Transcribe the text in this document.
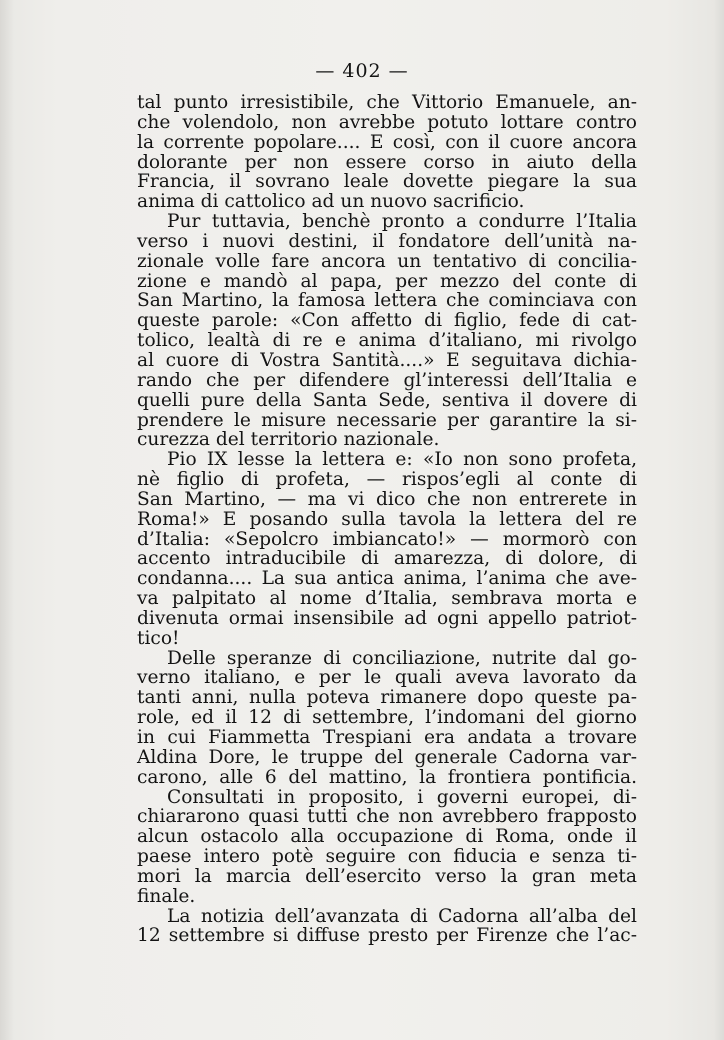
— 402 —
tal punto irresistibile, che Vittorio Emanuele, an-
che volendolo, non avrebbe potuto lottare contro
la corrente popolare.... E così, con il cuore ancora
dolorante per non essere corso in aiuto della
Francia, il sovrano leale dovette piegare la sua
anima di cattolico ad un nuovo sacrificio.
Pur tuttavia, benchè pronto a condurre l’Italia
verso i nuovi destini, il fondatore dell’unità na-
zionale volle fare ancora un tentativo di concilia-
zione e mandò al papa, per mezzo del conte di
San Martino, la famosa lettera che cominciava con
queste parole: «Con affetto di figlio, fede di cat-
tolico, lealtà di re e anima d’italiano, mi rivolgo
al cuore di Vostra Santità....» E seguitava dichia-
rando che per difendere gl’interessi dell’Italia e
quelli pure della Santa Sede, sentiva il dovere di
prendere le misure necessarie per garantire la si-
curezza del territorio nazionale.
Pio IX lesse la lettera e: «Io non sono profeta,
nè figlio di profeta, — rispos’egli al conte di
San Martino, — ma vi dico che non entrerete in
Roma!» E posando sulla tavola la lettera del re
d’Italia: «Sepolcro imbiancato!» — mormorò con
accento intraducibile di amarezza, di dolore, di
condanna.... La sua antica anima, l’anima che ave-
va palpitato al nome d’Italia, sembrava morta e
divenuta ormai insensibile ad ogni appello patriot-
tico!
Delle speranze di conciliazione, nutrite dal go-
verno italiano, e per le quali aveva lavorato da
tanti anni, nulla poteva rimanere dopo queste pa-
role, ed il 12 di settembre, l’indomani del giorno
in cui Fiammetta Trespiani era andata a trovare
Aldina Dore, le truppe del generale Cadorna var-
carono, alle 6 del mattino, la frontiera pontificia.
Consultati in proposito, i governi europei, di-
chiararono quasi tutti che non avrebbero frapposto
alcun ostacolo alla occupazione di Roma, onde il
paese intero potè seguire con fiducia e senza ti-
mori la marcia dell’esercito verso la gran meta
finale.
La notizia dell’avanzata di Cadorna all’alba del
12 settembre si diffuse presto per Firenze che l’ac-
